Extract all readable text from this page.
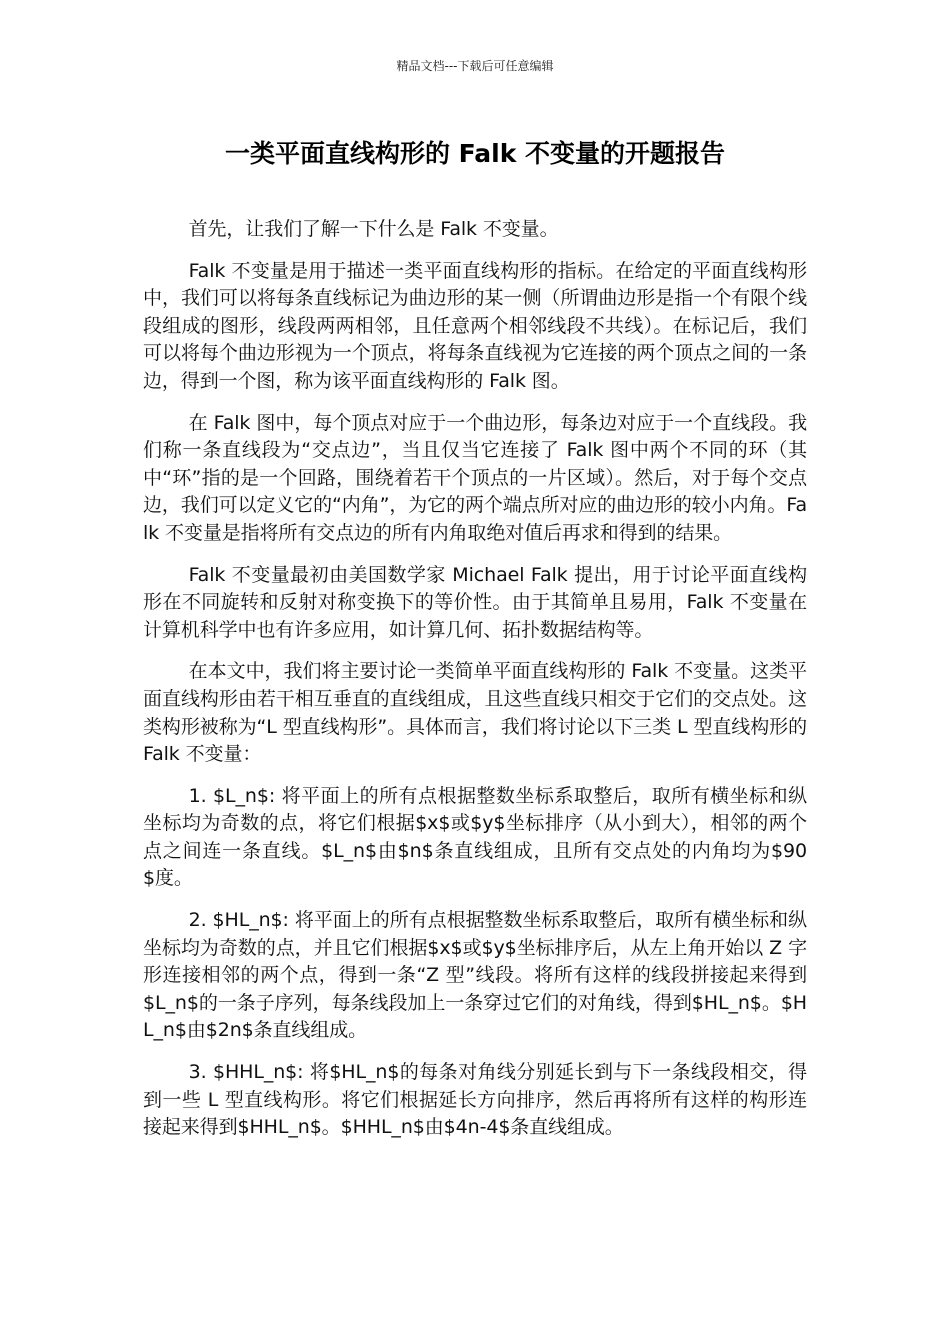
精品文档---下载后可任意编辑
一类平面直线构形的 Falk 不变量的开题报告

首先，让我们了解一下什么是 Falk 不变量。

Falk 不变量是用于描述一类平面直线构形的指标。在给定的平面直线构形中，我们可以将每条直线标记为曲边形的某一侧（所谓曲边形是指一个有限个线段组成的图形，线段两两相邻，且任意两个相邻线段不共线）。在标记后，我们可以将每个曲边形视为一个顶点，将每条直线视为它连接的两个顶点之间的一条边，得到一个图，称为该平面直线构形的 Falk 图。

在 Falk 图中，每个顶点对应于一个曲边形，每条边对应于一个直线段。我们称一条直线段为“交点边”，当且仅当它连接了 Falk 图中两个不同的环（其中“环”指的是一个回路，围绕着若干个顶点的一片区域）。然后，对于每个交点边，我们可以定义它的“内角”，为它的两个端点所对应的曲边形的较小内角。Falk 不变量是指将所有交点边的所有内角取绝对值后再求和得到的结果。

Falk 不变量最初由美国数学家 Michael Falk 提出，用于讨论平面直线构形在不同旋转和反射对称变换下的等价性。由于其简单且易用，Falk 不变量在计算机科学中也有许多应用，如计算几何、拓扑数据结构等。

在本文中，我们将主要讨论一类简单平面直线构形的 Falk 不变量。这类平面直线构形由若干相互垂直的直线组成，且这些直线只相交于它们的交点处。这类构形被称为“L 型直线构形”。具体而言，我们将讨论以下三类 L 型直线构形的 Falk 不变量：

1. $L_n$: 将平面上的所有点根据整数坐标系取整后，取所有横坐标和纵坐标均为奇数的点，将它们根据$x$或$y$坐标排序（从小到大），相邻的两个点之间连一条直线。$L_n$由$n$条直线组成，且所有交点处的内角均为$90$度。

2. $HL_n$: 将平面上的所有点根据整数坐标系取整后，取所有横坐标和纵坐标均为奇数的点，并且它们根据$x$或$y$坐标排序后，从左上角开始以 Z 字形连接相邻的两个点，得到一条“Z 型”线段。将所有这样的线段拼接起来得到$L_n$的一条子序列，每条线段加上一条穿过它们的对角线，得到$HL_n$。$HL_n$由$2n$条直线组成。

3. $HHL_n$: 将$HL_n$的每条对角线分别延长到与下一条线段相交，得到一些 L 型直线构形。将它们根据延长方向排序，然后再将所有这样的构形连接起来得到$HHL_n$。$HHL_n$由$4n-4$条直线组成。
